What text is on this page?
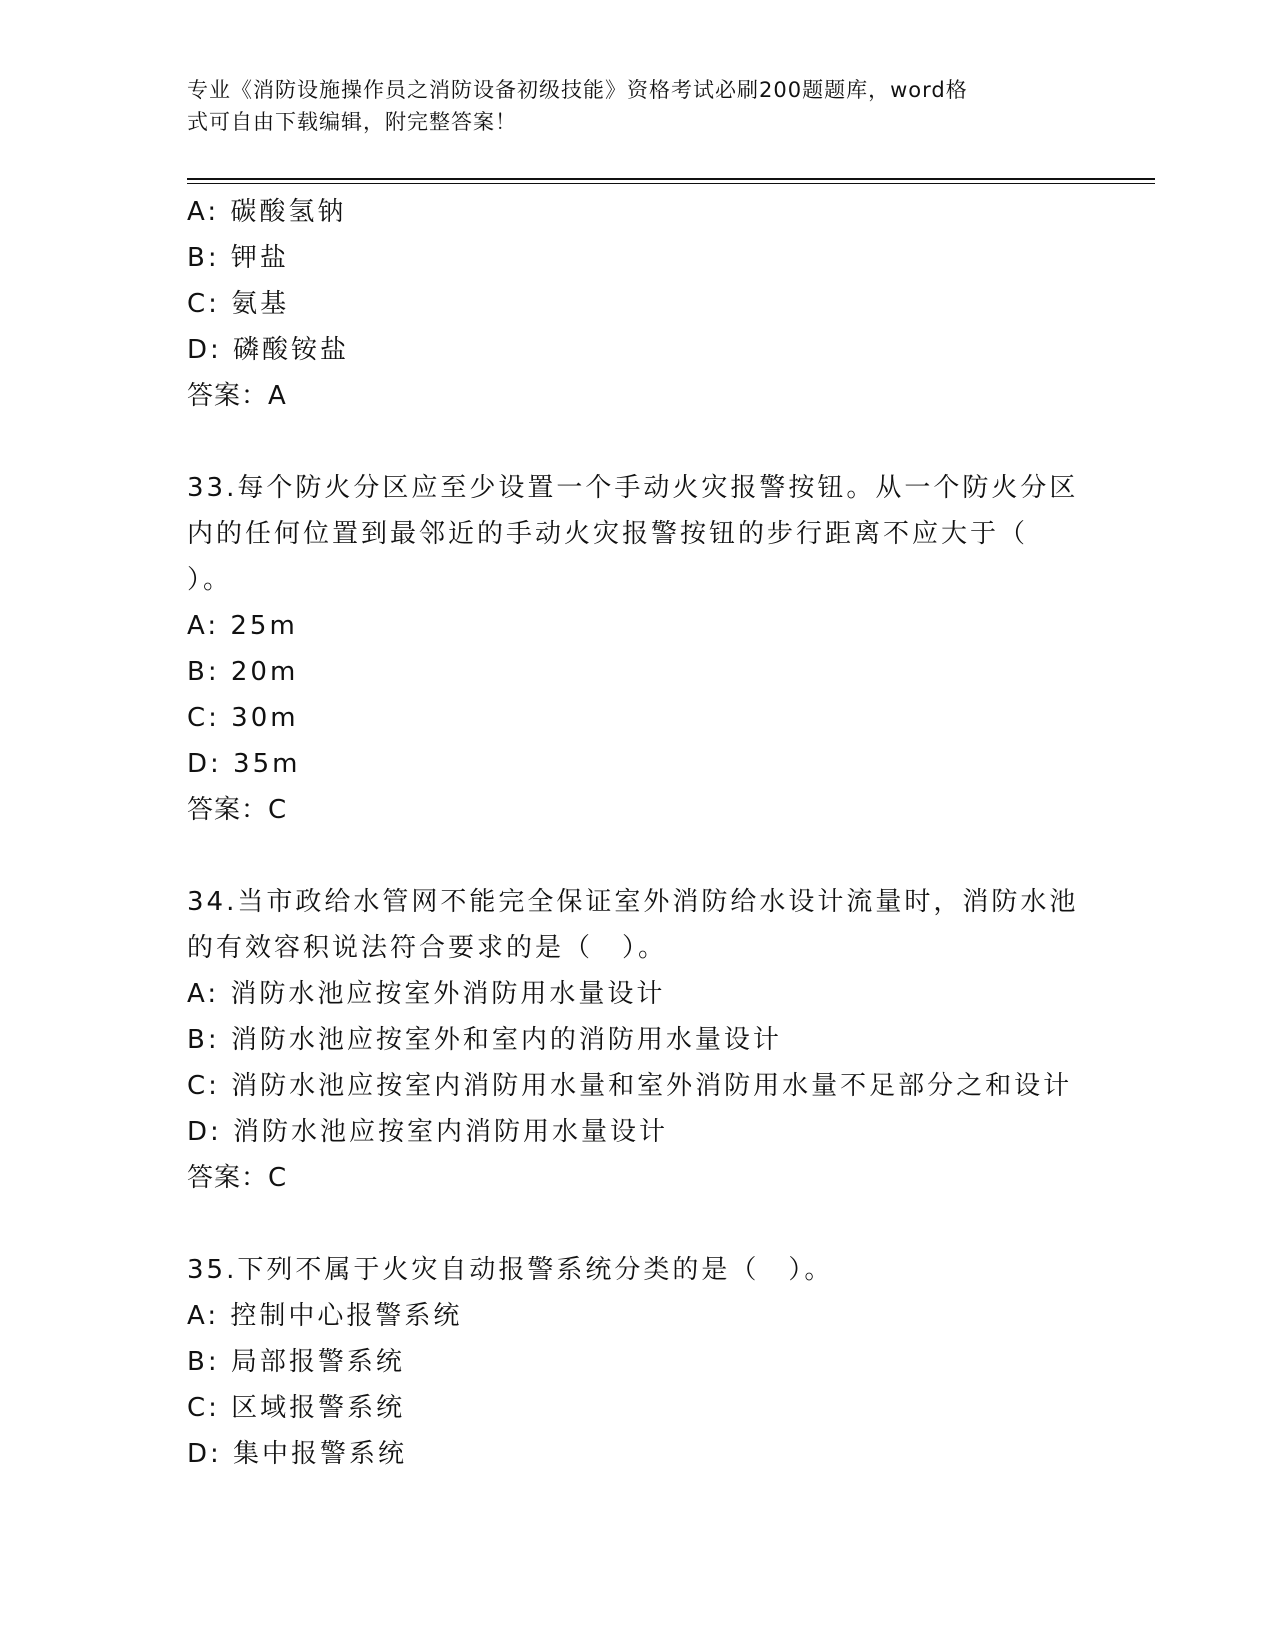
专业《消防设施操作员之消防设备初级技能》资格考试必刷200题题库，word格
式可自由下载编辑，附完整答案！
A: 碳酸氢钠
B: 钾盐
C: 氨基
D: 磷酸铵盐
答案：A
33.每个防火分区应至少设置一个手动火灾报警按钮。从一个防火分区
内的任何位置到最邻近的手动火灾报警按钮的步行距离不应大于（
）。
A: 25m
B: 20m
C: 30m
D: 35m
答案：C
34.当市政给水管网不能完全保证室外消防给水设计流量时，消防水池
的有效容积说法符合要求的是（　）。
A: 消防水池应按室外消防用水量设计
B: 消防水池应按室外和室内的消防用水量设计
C: 消防水池应按室内消防用水量和室外消防用水量不足部分之和设计
D: 消防水池应按室内消防用水量设计
答案：C
35.下列不属于火灾自动报警系统分类的是（　）。
A: 控制中心报警系统
B: 局部报警系统
C: 区域报警系统
D: 集中报警系统
